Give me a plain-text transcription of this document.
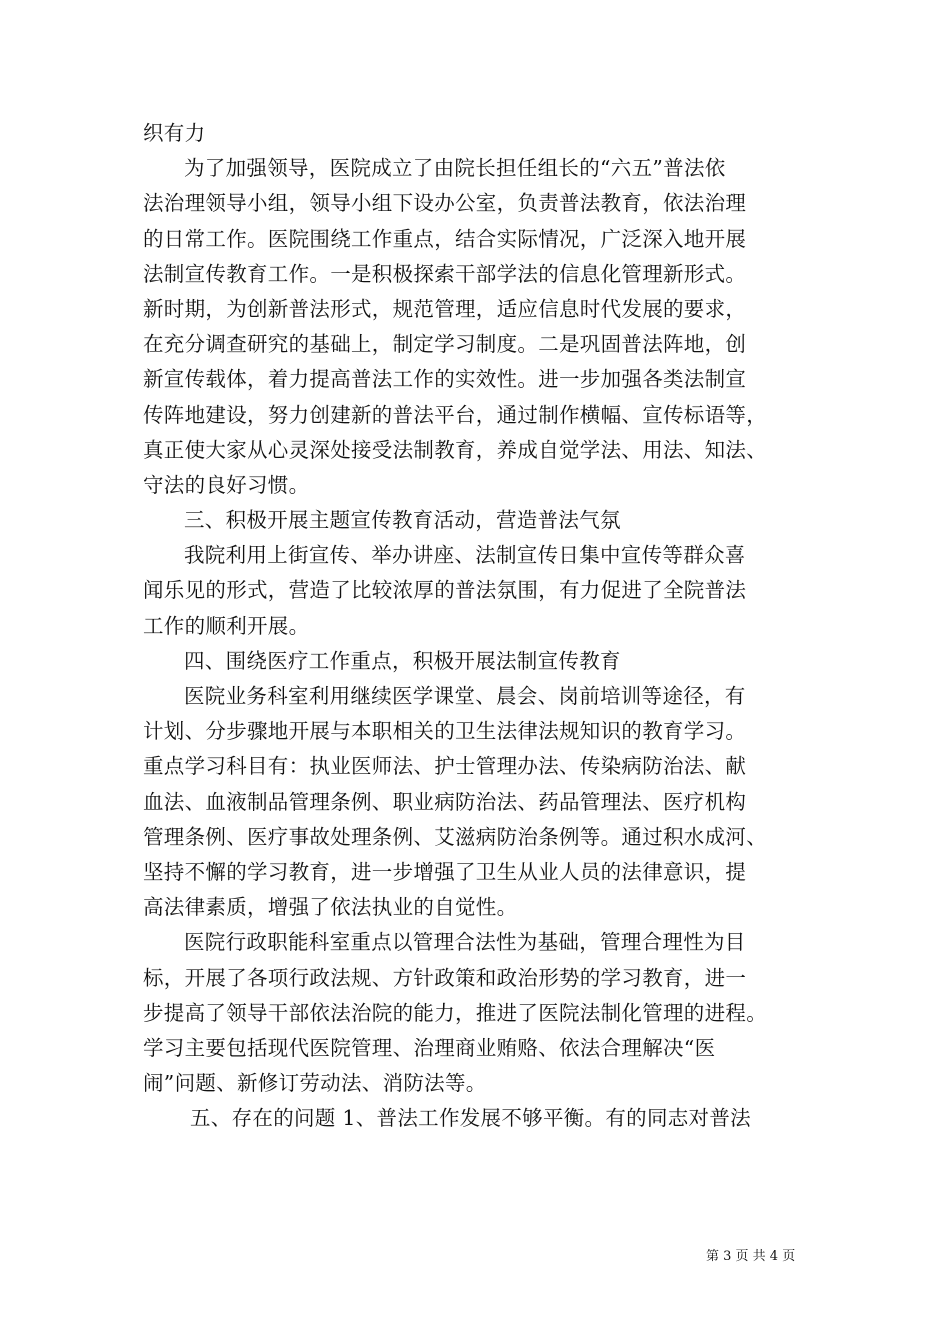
织有力
为了加强领导，医院成立了由院长担任组长的“六五”普法依
法治理领导小组，领导小组下设办公室，负责普法教育，依法治理
的日常工作。医院围绕工作重点，结合实际情况，广泛深入地开展
法制宣传教育工作。一是积极探索干部学法的信息化管理新形式。
新时期，为创新普法形式，规范管理，适应信息时代发展的要求，
在充分调查研究的基础上，制定学习制度。二是巩固普法阵地，创
新宣传载体，着力提高普法工作的实效性。进一步加强各类法制宣
传阵地建设，努力创建新的普法平台，通过制作横幅、宣传标语等，
真正使大家从心灵深处接受法制教育，养成自觉学法、用法、知法、
守法的良好习惯。
三、积极开展主题宣传教育活动，营造普法气氛
我院利用上街宣传、举办讲座、法制宣传日集中宣传等群众喜
闻乐见的形式，营造了比较浓厚的普法氛围，有力促进了全院普法
工作的顺利开展。
四、围绕医疗工作重点，积极开展法制宣传教育
医院业务科室利用继续医学课堂、晨会、岗前培训等途径，有
计划、分步骤地开展与本职相关的卫生法律法规知识的教育学习。
重点学习科目有：执业医师法、护士管理办法、传染病防治法、献
血法、血液制品管理条例、职业病防治法、药品管理法、医疗机构
管理条例、医疗事故处理条例、艾滋病防治条例等。通过积水成河、
坚持不懈的学习教育，进一步增强了卫生从业人员的法律意识，提
高法律素质，增强了依法执业的自觉性。
医院行政职能科室重点以管理合法性为基础，管理合理性为目
标，开展了各项行政法规、方针政策和政治形势的学习教育，进一
步提高了领导干部依法治院的能力，推进了医院法制化管理的进程。
学习主要包括现代医院管理、治理商业贿赂、依法合理解决“医
闹”问题、新修订劳动法、消防法等。
五、存在的问题 1、普法工作发展不够平衡。有的同志对普法
第 3 页 共 4 页
